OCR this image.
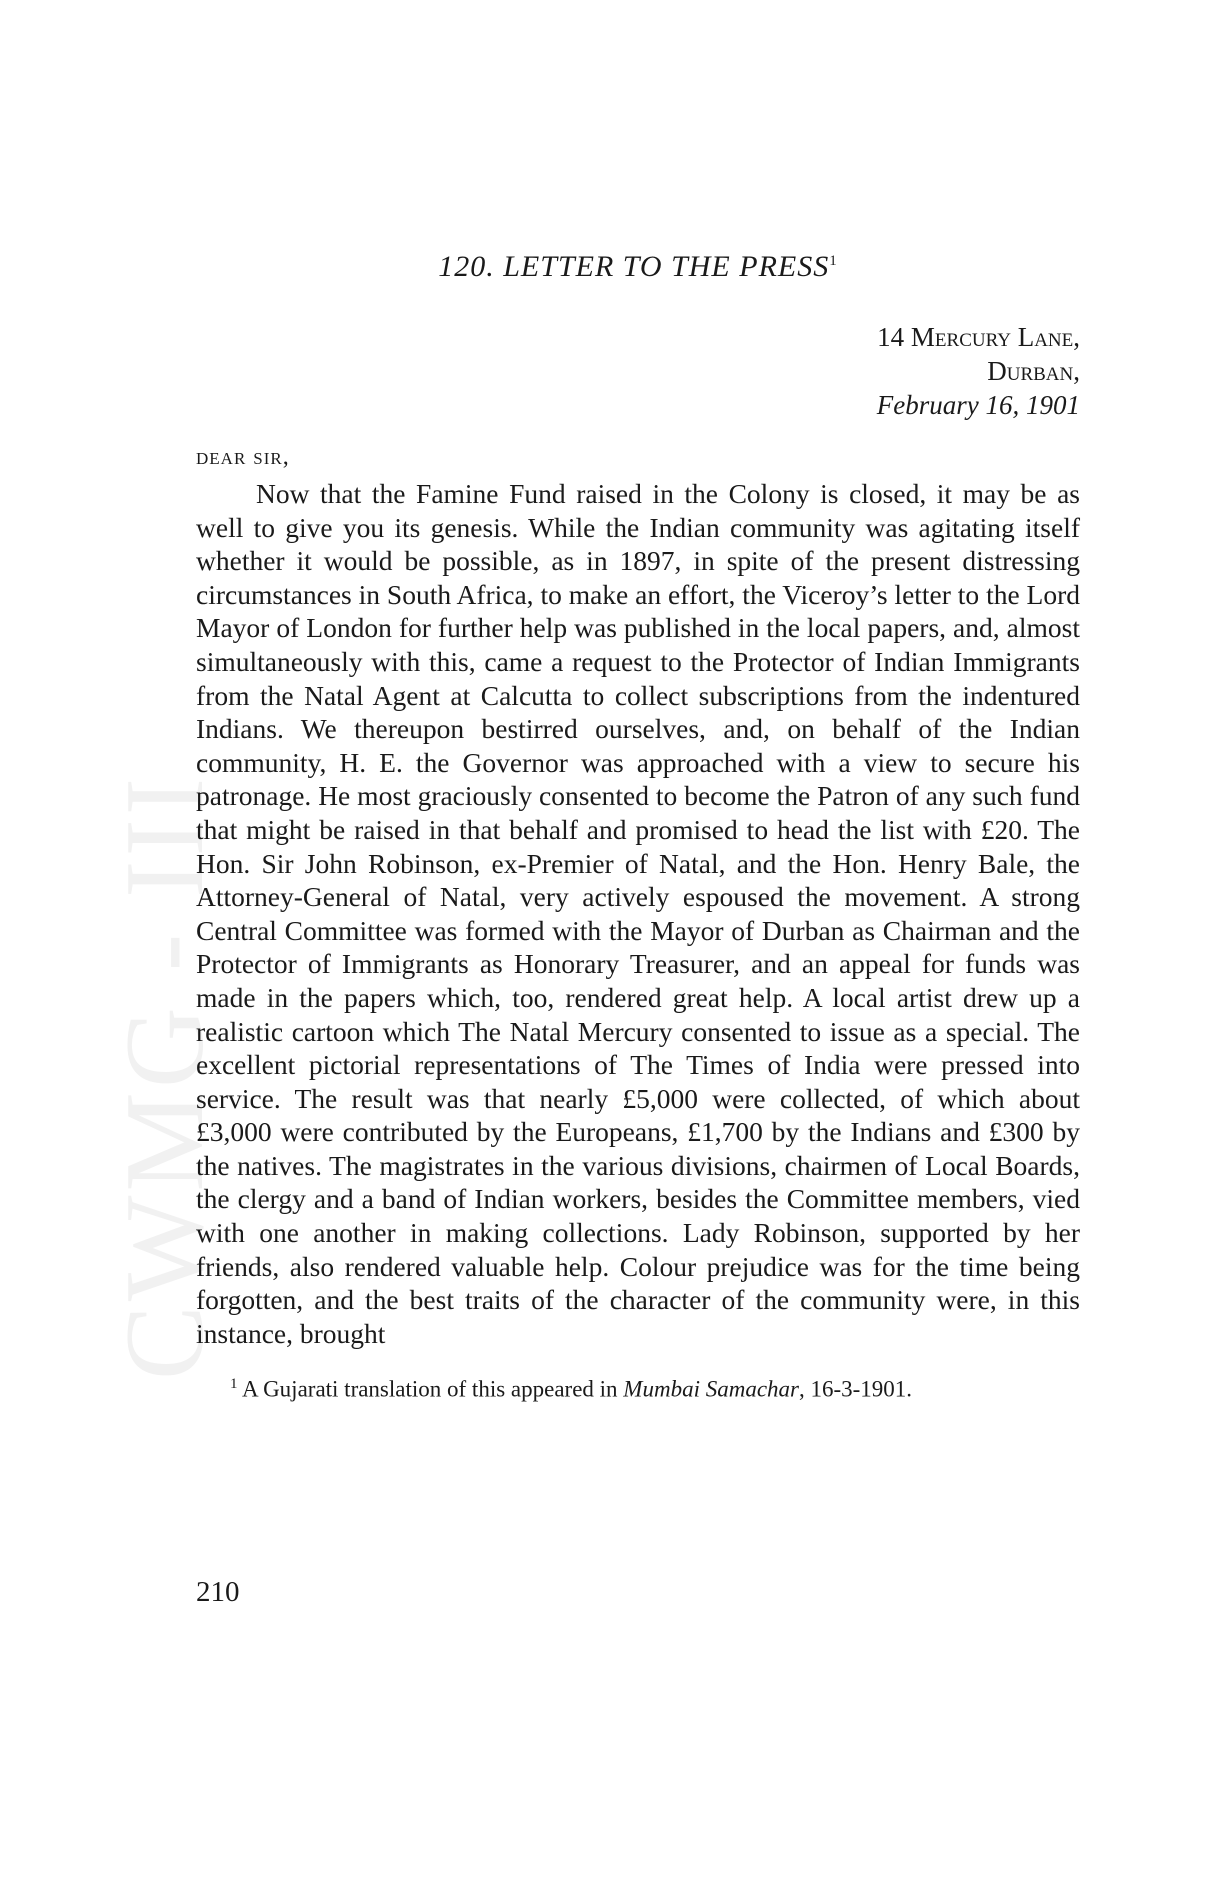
CWMG - III
120. LETTER TO THE PRESS$^1$
14 Mercury Lane,
Durban,
February 16, 1901
dear sir,

Now that the Famine Fund raised in the Colony is closed, it may be as well to give you its genesis. While the Indian community was agitating itself whether it would be possible, as in 1897, in spite of the present distressing circumstances in South Africa, to make an effort, the Viceroy’s letter to the Lord Mayor of London for further help was published in the local papers, and, almost simultaneously with this, came a request to the Protector of Indian Immigrants from the Natal Agent at Calcutta to collect subscriptions from the indentured Indians. We thereupon bestirred ourselves, and, on behalf of the Indian community, H. E. the Governor was approached with a view to secure his patronage. He most graciously consented to become the Patron of any such fund that might be raised in that behalf and promised to head the list with £20. The Hon. Sir John Robinson, ex-Premier of Natal, and the Hon. Henry Bale, the Attorney-General of Natal, very actively espoused the movement. A strong Central Committee was formed with the Mayor of Durban as Chairman and the Protector of Immigrants as Honorary Treasurer, and an appeal for funds was made in the papers which, too, rendered great help. A local artist drew up a realistic cartoon which The Natal Mercury consented to issue as a special. The excellent pictorial representations of The Times of India were pressed into service. The result was that nearly £5,000 were collected, of which about £3,000 were contributed by the Europeans, £1,700 by the Indians and £300 by the natives. The magistrates in the various divisions, chairmen of Local Boards, the clergy and a band of Indian workers, besides the Committee members, vied with one another in making collections. Lady Robinson, supported by her friends, also rendered valuable help. Colour prejudice was for the time being forgotten, and the best traits of the character of the community were, in this instance, brought

$^1$ A Gujarati translation of this appeared in Mumbai Samachar, 16-3-1901.
210
